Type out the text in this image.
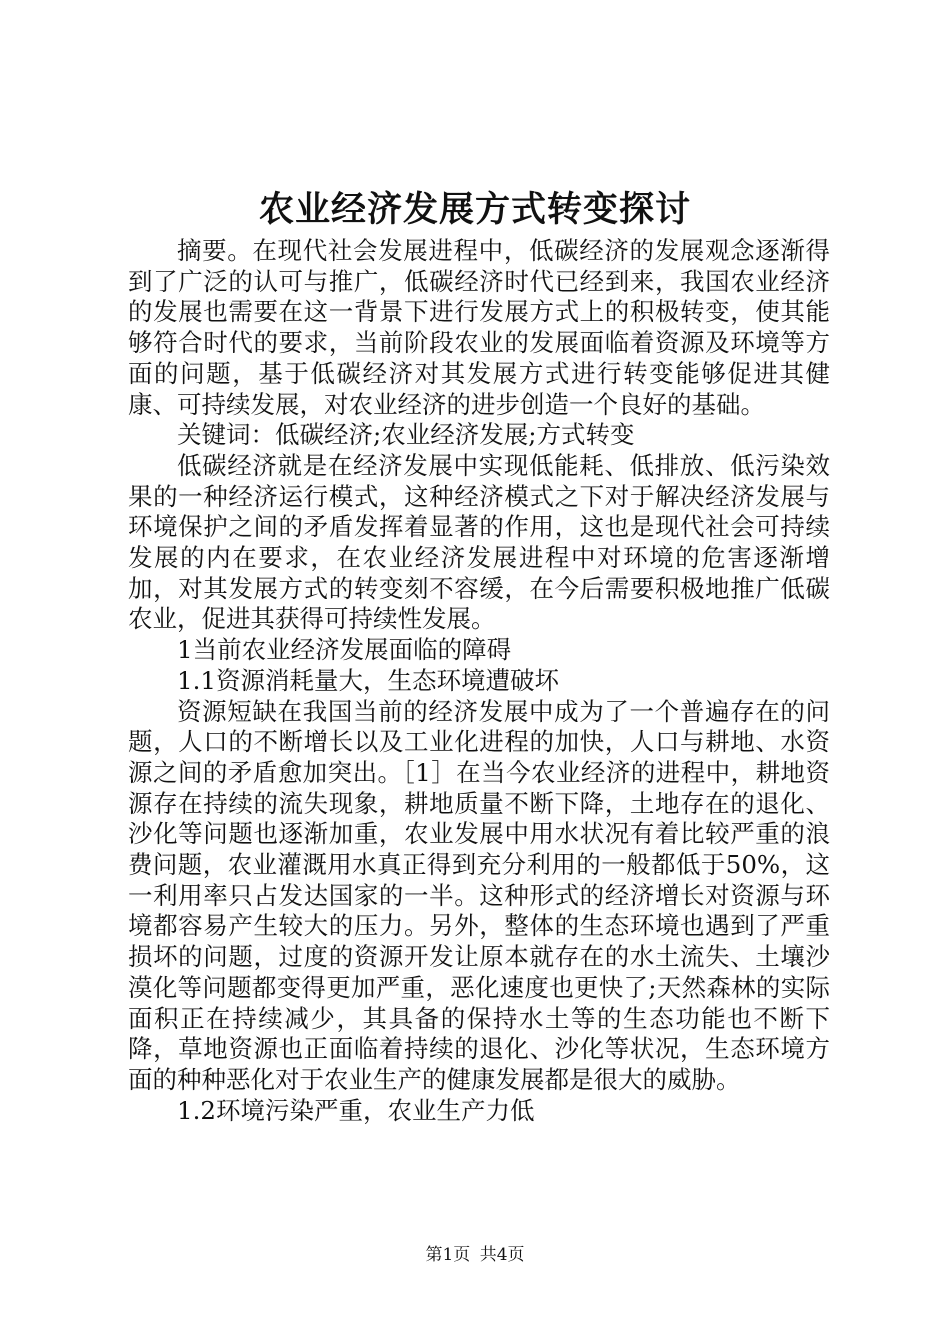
农业经济发展方式转变探讨

摘要。在现代社会发展进程中，低碳经济的发展观念逐渐得到了广泛的认可与推广，低碳经济时代已经到来，我国农业经济的发展也需要在这一背景下进行发展方式上的积极转变，使其能够符合时代的要求，当前阶段农业的发展面临着资源及环境等方面的问题，基于低碳经济对其发展方式进行转变能够促进其健康、可持续发展，对农业经济的进步创造一个良好的基础。

关键词：低碳经济;农业经济发展;方式转变

低碳经济就是在经济发展中实现低能耗、低排放、低污染效果的一种经济运行模式，这种经济模式之下对于解决经济发展与环境保护之间的矛盾发挥着显著的作用，这也是现代社会可持续发展的内在要求，在农业经济发展进程中对环境的危害逐渐增加，对其发展方式的转变刻不容缓，在今后需要积极地推广低碳农业，促进其获得可持续性发展。

1当前农业经济发展面临的障碍

1.1资源消耗量大，生态环境遭破坏

资源短缺在我国当前的经济发展中成为了一个普遍存在的问题，人口的不断增长以及工业化进程的加快，人口与耕地、水资源之间的矛盾愈加突出。［1］在当今农业经济的进程中，耕地资源存在持续的流失现象，耕地质量不断下降，土地存在的退化、沙化等问题也逐渐加重，农业发展中用水状况有着比较严重的浪费问题，农业灌溉用水真正得到充分利用的一般都低于50%，这一利用率只占发达国家的一半。这种形式的经济增长对资源与环境都容易产生较大的压力。另外，整体的生态环境也遇到了严重损坏的问题，过度的资源开发让原本就存在的水土流失、土壤沙漠化等问题都变得更加严重，恶化速度也更快了;天然森林的实际面积正在持续减少，其具备的保持水土等的生态功能也不断下降，草地资源也正面临着持续的退化、沙化等状况，生态环境方面的种种恶化对于农业生产的健康发展都是很大的威胁。

1.2环境污染严重，农业生产力低

第1页 共4页
